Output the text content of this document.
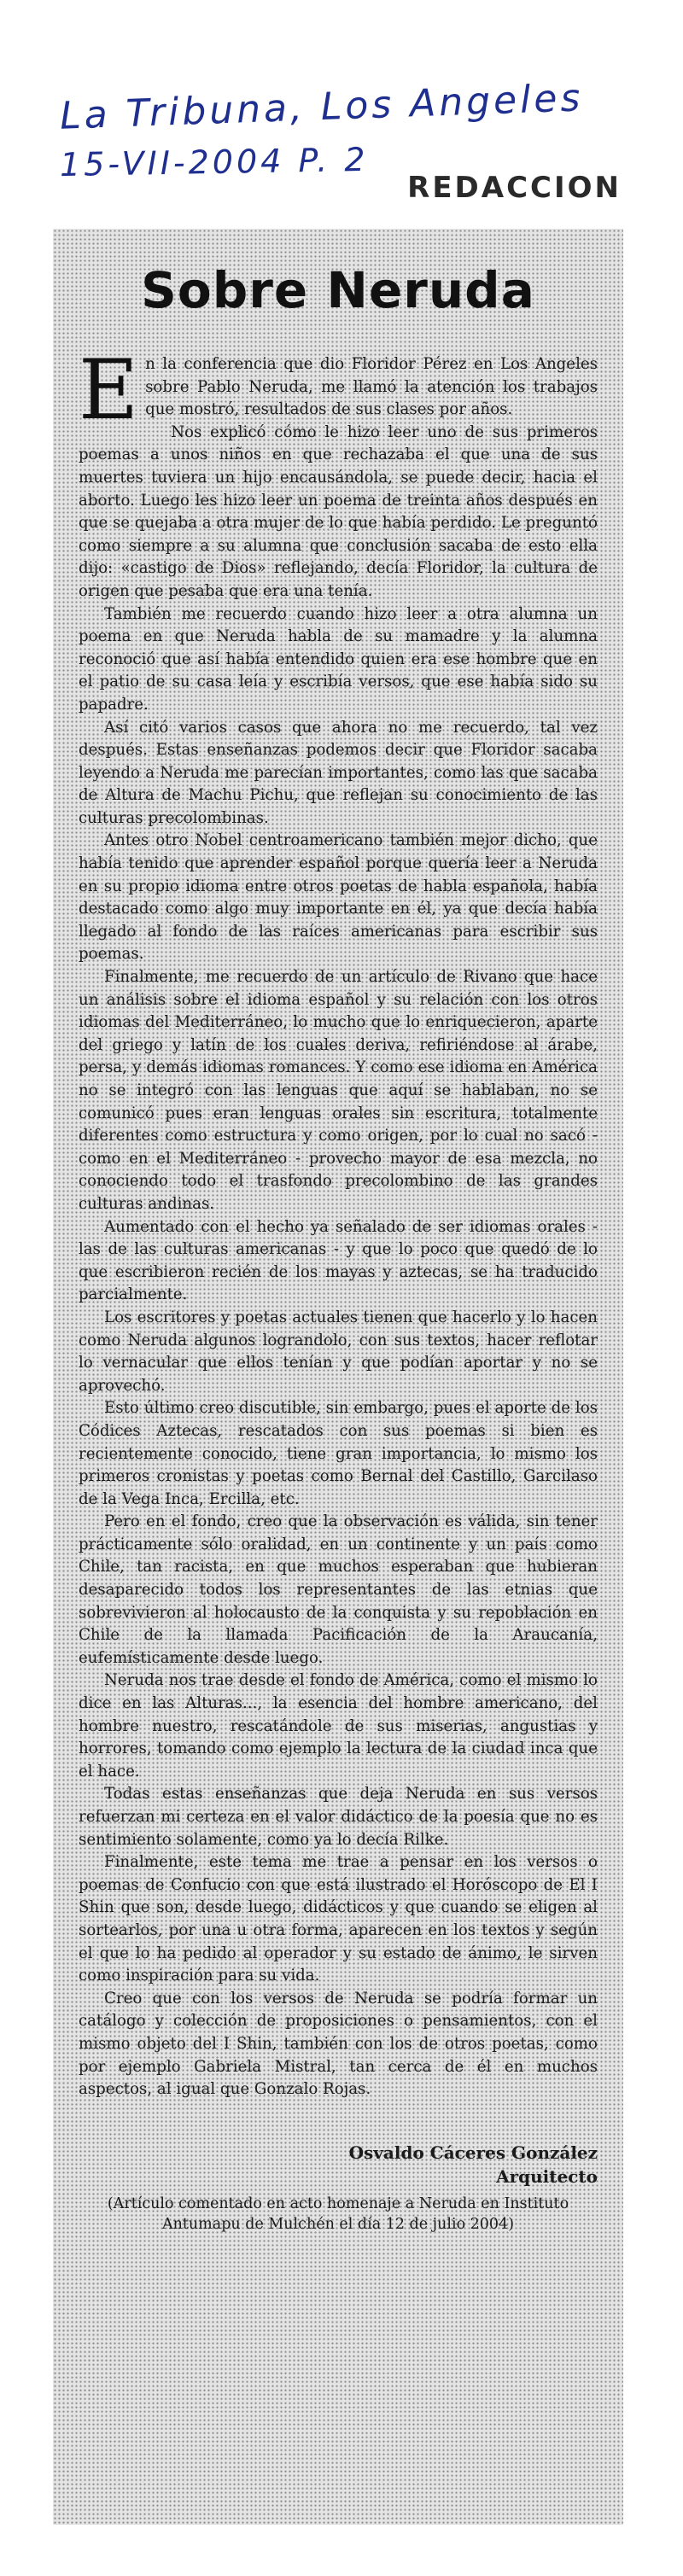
La Tribuna, Los Angeles
15-VII-2004 P. 2
REDACCION
Sobre Neruda

En la conferencia que dio Floridor Pérez en Los Angeles sobre Pablo Neruda, me llamó la atención los trabajos que mostró, resultados de sus clases por años.

Nos explicó cómo le hizo leer uno de sus primeros poemas a unos niños en que rechazaba el que una de sus muertes tuviera un hijo encausándola, se puede decir, hacia el aborto. Luego les hizo leer un poema de treinta años después en que se quejaba a otra mujer de lo que había perdido. Le preguntó como siempre a su alumna que conclusión sacaba de esto ella dijo: «castigo de Dios» reflejando, decía Floridor, la cultura de origen que pesaba que era una tenía.

También me recuerdo cuando hizo leer a otra alumna un poema en que Neruda habla de su mamadre y la alumna reconoció que así había entendido quien era ese hombre que en el patio de su casa leía y escribía versos, que ese había sido su papadre.

Así citó varios casos que ahora no me recuerdo, tal vez después. Estas enseñanzas podemos decir que Floridor sacaba leyendo a Neruda me parecían importantes, como las que sacaba de Altura de Machu Pichu, que reflejan su conocimiento de las culturas precolombinas.

Antes otro Nobel centroamericano también mejor dicho, que había tenido que aprender español porque quería leer a Neruda en su propio idioma entre otros poetas de habla española, había destacado como algo muy importante en él, ya que decía había llegado al fondo de las raíces americanas para escribir sus poemas.

Finalmente, me recuerdo de un artículo de Rivano que hace un análisis sobre el idioma español y su relación con los otros idiomas del Mediterráneo, lo mucho que lo enriquecieron, aparte del griego y latín de los cuales deriva, refiriéndose al árabe, persa, y demás idiomas romances. Y como ese idioma en América no se integró con las lenguas que aquí se hablaban, no se comunicó pues eran lenguas orales sin escritura, totalmente diferentes como estructura y como origen, por lo cual no sacó - como en el Mediterráneo - provecho mayor de esa mezcla, no conociendo todo el trasfondo precolombino de las grandes culturas andinas.

Aumentado con el hecho ya señalado de ser idiomas orales -las de las culturas americanas - y que lo poco que quedó de lo que escribieron recién de los mayas y aztecas, se ha traducido parcialmente.

Los escritores y poetas actuales tienen que hacerlo y lo hacen como Neruda algunos lograndolo, con sus textos, hacer reflotar lo vernacular que ellos tenían y que podían aportar y no se aprovechó.

Esto último creo discutible, sin embargo, pues el aporte de los Códices Aztecas, rescatados con sus poemas si bien es recientemente conocido, tiene gran importancia, lo mismo los primeros cronistas y poetas como Bernal del Castillo, Garcilaso de la Vega Inca, Ercilla, etc.

Pero en el fondo, creo que la observación es válida, sin tener prácticamente sólo oralidad, en un continente y un país como Chile, tan racista, en que muchos esperaban que hubieran desaparecido todos los representantes de las etnias que sobrevivieron al holocausto de la conquista y su repoblación en Chile de la llamada Pacificación de la Araucanía, eufemísticamente desde luego.

Neruda nos trae desde el fondo de América, como el mismo lo dice en las Alturas..., la esencia del hombre americano, del hombre nuestro, rescatándole de sus miserias, angustias y horrores, tomando como ejemplo la lectura de la ciudad inca que el hace.

Todas estas enseñanzas que deja Neruda en sus versos refuerzan mi certeza en el valor didáctico de la poesía que no es sentimiento solamente, como ya lo decía Rilke.

Finalmente, este tema me trae a pensar en los versos o poemas de Confucio con que está ilustrado el Horóscopo de El I Shin que son, desde luego, didácticos y que cuando se eligen al sortearlos, por una u otra forma, aparecen en los textos y según el que lo ha pedido al operador y su estado de ánimo, le sirven como inspiración para su vida.

Creo que con los versos de Neruda se podría formar un catálogo y colección de proposiciones o pensamientos, con el mismo objeto del I Shin, también con los de otros poetas, como por ejemplo Gabriela Mistral, tan cerca de él en muchos aspectos, al igual que Gonzalo Rojas.

Osvaldo Cáceres González
Arquitecto
(Artículo comentado en acto homenaje a Neruda en Instituto Antumapu de Mulchén el día 12 de julio 2004)
